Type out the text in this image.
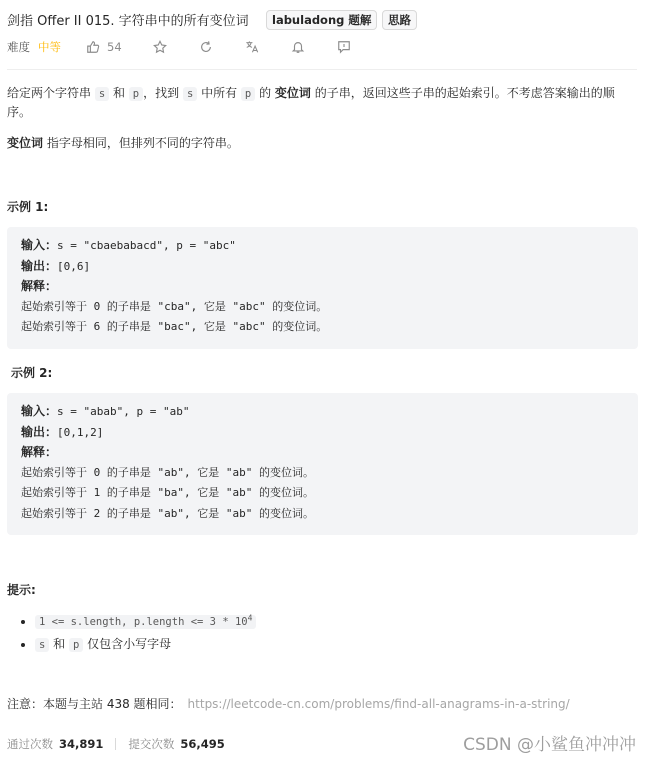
剑指 Offer II 015. 字符串中的所有变位词	labuladong 题解	思路
难度 中等	54
给定两个字符串 s 和 p ，找到 s 中所有 p 的 变位词 的子串，返回这些子串的起始索引。不考虑答案输出的顺序。
变位词 指字母相同，但排列不同的字符串。
示例 1:
输入：s = "cbaebabacd", p = "abc"
输出：[0,6]
解释：
起始索引等于 0 的子串是 "cba", 它是 "abc" 的变位词。
起始索引等于 6 的子串是 "bac", 它是 "abc" 的变位词。
示例 2:
输入：s = "abab", p = "ab"
输出：[0,1,2]
解释：
起始索引等于 0 的子串是 "ab", 它是 "ab" 的变位词。
起始索引等于 1 的子串是 "ba", 它是 "ab" 的变位词。
起始索引等于 2 的子串是 "ab", 它是 "ab" 的变位词。
提示:
• 1 <= s.length, p.length <= $3 * 10^4$
• s 和 p 仅包含小写字母
注意：本题与主站 438 题相同： https://leetcode-cn.com/problems/find-all-anagrams-in-a-string/
通过次数 34,891 提交次数 56,495	CSDN @小鲨鱼冲冲冲
